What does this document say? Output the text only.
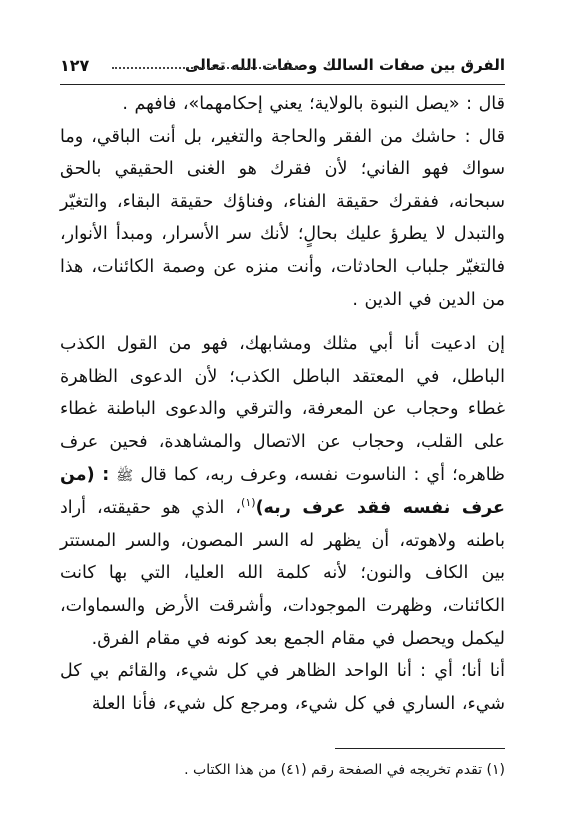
الفرق بين صفات السالك وصفات الله تعالى
١٢٧

قال : «يصل النبوة بالولاية؛ يعني إحكامهما»، فافهم .

قال : حاشك من الفقر والحاجة والتغير، بل أنت الباقي، وما سواك فهو الفاني؛ لأن فقرك هو الغنى الحقيقي بالحق سبحانه، ففقرك حقيقة الفناء، وفناؤك حقيقة البقاء، والتغيّر والتبدل لا يطرؤ عليك بحالٍ؛ لأنك سر الأسرار، ومبدأ الأنوار، فالتغيّر جلباب الحادثات، وأنت منزه عن وصمة الكائنات، هذا من الدين في الدين .

إن ادعيت أنا أبي مثلك ومشابهك، فهو من القول الكذب الباطل، في المعتقد الباطل الكذب؛ لأن الدعوى الظاهرة غطاء وحجاب عن المعرفة، والترقي والدعوى الباطنة غطاء على القلب، وحجاب عن الاتصال والمشاهدة، فحين عرف ظاهره؛ أي : الناسوت نفسه، وعرف ربه، كما قال ﷺ : (من عرف نفسه فقد عرف ربه)$^{(١)}$، الذي هو حقيقته، أراد باطنه ولاهوته، أن يظهر له السر المصون، والسر المستتر بين الكاف والنون؛ لأنه كلمة الله العليا، التي بها كانت الكائنات، وظهرت الموجودات، وأشرقت الأرض والسماوات، ليكمل ويحصل في مقام الجمع بعد كونه في مقام الفرق.

أنا أنا؛ أي : أنا الواحد الظاهر في كل شيء، والقائم بي كل شيء، الساري في كل شيء، ومرجع كل شيء، فأنا العلة

(١) تقدم تخريجه في الصفحة رقم (٤١) من هذا الكتاب .
